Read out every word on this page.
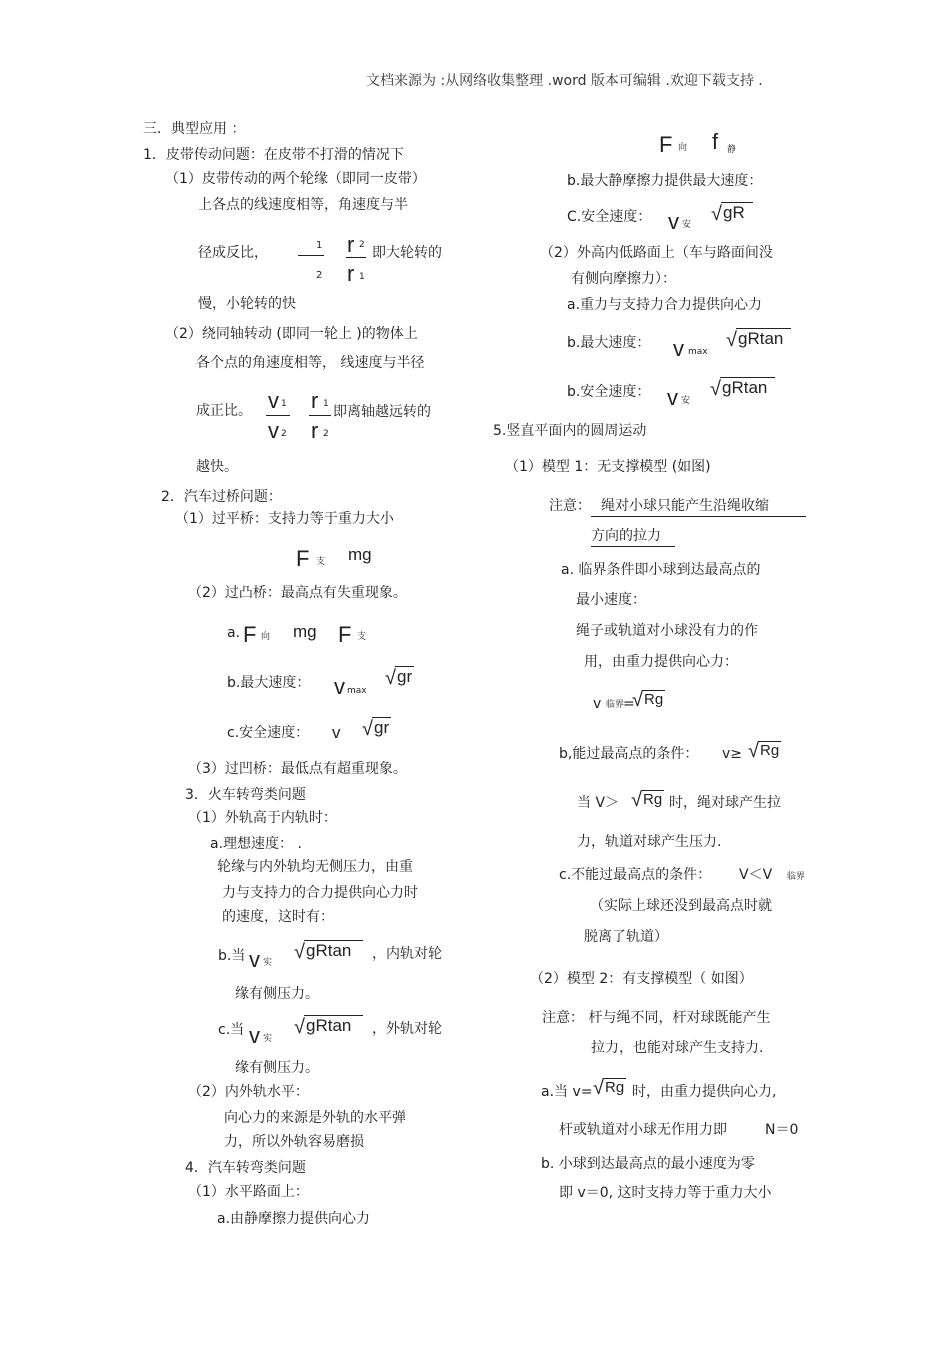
文档来源为 :从网络收集整理 .word 版本可编辑 .欢迎下载支持 .
三．典型应用 ：
1．皮带传动问题：在皮带不打滑的情况下
（1）皮带传动的两个轮缘（即同一皮带）
上各点的线速度相等，角速度与半
径成反比，	1
2
r 2
r 1
即大轮转的
慢，小轮转的快
（2）绕同轴转动 (即同一轮上 )的物体上
各个点的角速度相等， 线速度与半径
成正比。 v 1
v 2
r 1
r 2
即离轴越远转的
越快。
2．汽车过桥问题：
（1）过平桥：支持力等于重力大小
F 支 mg
（2）过凸桥：最高点有失重现象。
a. F 向 mg F 支
b.最大速度： v max
√gr
c.安全速度： v √gr
（3）过凹桥：最低点有超重现象。
3．火车转弯类问题
（1）外轨高于内轨时：
a.理想速度： .
轮缘与内外轨均无侧压力，由重
力与支持力的合力提供向心力时
的速度，这时有：
b.当 v 实 √gRtan	，内轨对轮
缘有侧压力。
c.当 v 实
√gRtan	，外轨对轮
缘有侧压力。
（2）内外轨水平：
向心力的来源是外轨的水平弹
力，所以外轨容易磨损
4．汽车转弯类问题
（1）水平路面上：
a.由静摩擦力提供向心力
F 向 f 静
b.最大静摩擦力提供最大速度：
C.安全速度： v 安 √gR
（2）外高内低路面上（车与路面间没
有侧向摩擦力）：
a.重力与支持力合力提供向心力
b.最大速度： v max
√gRtan
b.安全速度： v 安
√gRtan
5.竖直平面内的圆周运动
（1）模型 1：无支撑模型 (如图)
注意： 绳对小球只能产生沿绳收缩
方向的拉力
a. 临界条件即小球到达最高点的
最小速度：
绳子或轨道对小球没有力的作
用，由重力提供向心力：
v 临界
=
√Rg
b,能过最高点的条件： v≥ √Rg
当 V＞ √Rg 时，绳对球产生拉
力，轨道对球产生压力.
c.不能过最高点的条件： V＜V 临界
（实际上球还没到最高点时就
脱离了轨道）
（2）模型 2：有支撑模型（ 如图）
注意： 杆与绳不同，杆对球既能产生
拉力，也能对球产生支持力.
a.当 v= √Rg 时，由重力提供向心力,
杆或轨道对小球无作用力即	N＝0
b. 小球到达最高点的最小速度为零
即 v＝0, 这时支持力等于重力大小
